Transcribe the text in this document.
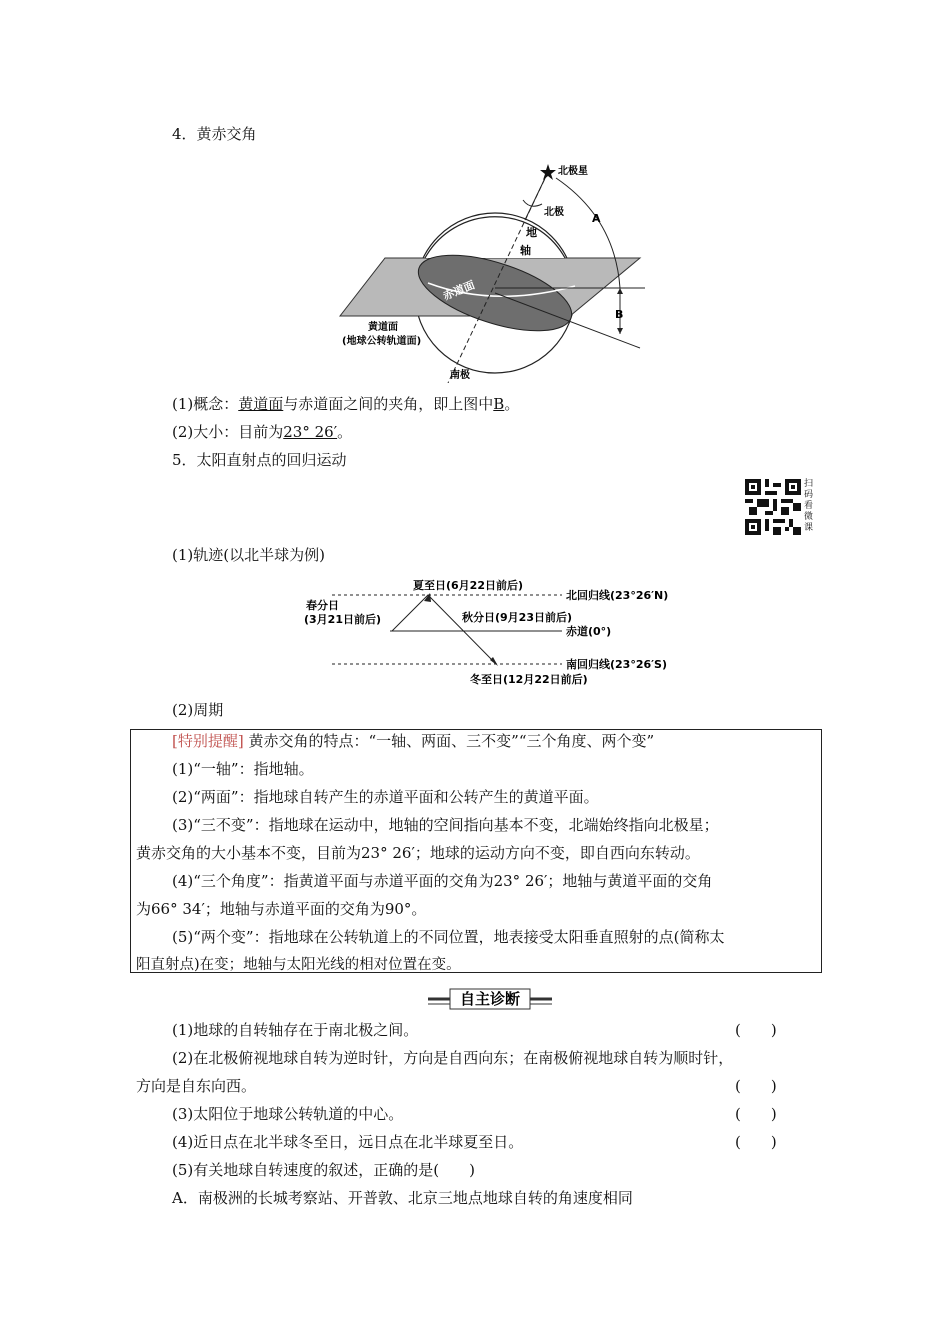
4．黄赤交角
北极星
北极
地
轴
赤道面
A
B
黄道面
(地球公转轨道面)
南极
(1)概念：黄道面与赤道面之间的夹角，即上图中B。
(2)大小：目前为23° 26′。
5．太阳直射点的回归运动
扫
码
看
微
课
(1)轨迹(以北半球为例)
夏至日(6月22日前后)
北回归线(23°26′N)
春分日
(3月21日前后)	秋分日(9月23日前后)
赤道(0°)
南回归线(23°26′S)
冬至日(12月22日前后)
(2)周期
[特别提醒] 黄赤交角的特点：“一轴、两面、三不变”“三个角度、两个变”
(1)“一轴”：指地轴。
(2)“两面”：指地球自转产生的赤道平面和公转产生的黄道平面。
(3)“三不变”：指地球在运动中，地轴的空间指向基本不变，北端始终指向北极星；
黄赤交角的大小基本不变，目前为23° 26′；地球的运动方向不变，即自西向东转动。
(4)“三个角度”：指黄道平面与赤道平面的交角为23° 26′；地轴与黄道平面的交角
为66° 34′；地轴与赤道平面的交角为90°。
(5)“两个变”：指地球在公转轨道上的不同位置，地表接受太阳垂直照射的点(简称太
阳直射点)在变；地轴与太阳光线的相对位置在变。
自主诊断
(1)地球的自转轴存在于南北极之间。	(　　)
(2)在北极俯视地球自转为逆时针，方向是自西向东；在南极俯视地球自转为顺时针，
方向是自东向西。	(　　)
(3)太阳位于地球公转轨道的中心。	(　　)
(4)近日点在北半球冬至日，远日点在北半球夏至日。	(　　)
(5)有关地球自转速度的叙述，正确的是(　　)
A．南极洲的长城考察站、开普敦、北京三地点地球自转的角速度相同
